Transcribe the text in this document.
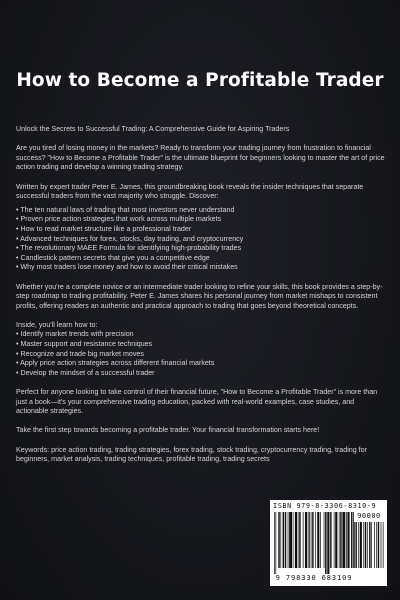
How to Become a Profitable Trader

Unlock the Secrets to Successful Trading: A Comprehensive Guide for Aspiring Traders

Are you tired of losing money in the markets? Ready to transform your trading journey from frustration to financial success? "How to Become a Profitable Trader" is the ultimate blueprint for beginners looking to master the art of price action trading and develop a winning trading strategy.

Written by expert trader Peter E. James, this groundbreaking book reveals the insider techniques that separate successful traders from the vast majority who struggle. Discover:

• The ten natural laws of trading that most investors never understand
• Proven price action strategies that work across multiple markets
• How to read market structure like a professional trader
• Advanced techniques for forex, stocks, day trading, and cryptocurrency
• The revolutionary MAEE Formula for identifying high-probability trades
• Candlestick pattern secrets that give you a competitive edge
• Why most traders lose money and how to avoid their critical mistakes

Whether you're a complete novice or an intermediate trader looking to refine your skills, this book provides a step-by-step roadmap to trading profitability. Peter E. James shares his personal journey from market mishaps to consistent profits, offering readers an authentic and practical approach to trading that goes beyond theoretical concepts.

Inside, you'll learn how to:

• Identify market trends with precision
• Master support and resistance techniques
• Recognize and trade big market moves
• Apply price action strategies across different financial markets
• Develop the mindset of a successful trader

Perfect for anyone looking to take control of their financial future, "How to Become a Profitable Trader" is more than just a book—it's your comprehensive trading education, packed with real-world examples, case studies, and actionable strategies.

Take the first step towards becoming a profitable trader. Your financial transformation starts here!

Keywords: price action trading, trading strategies, forex trading, stock trading, cryptocurrency trading, trading for beginners, market analysis, trading techniques, profitable trading, trading secrets

ISBN 979-8-3306-8310-9
90000
9 798330 683109
